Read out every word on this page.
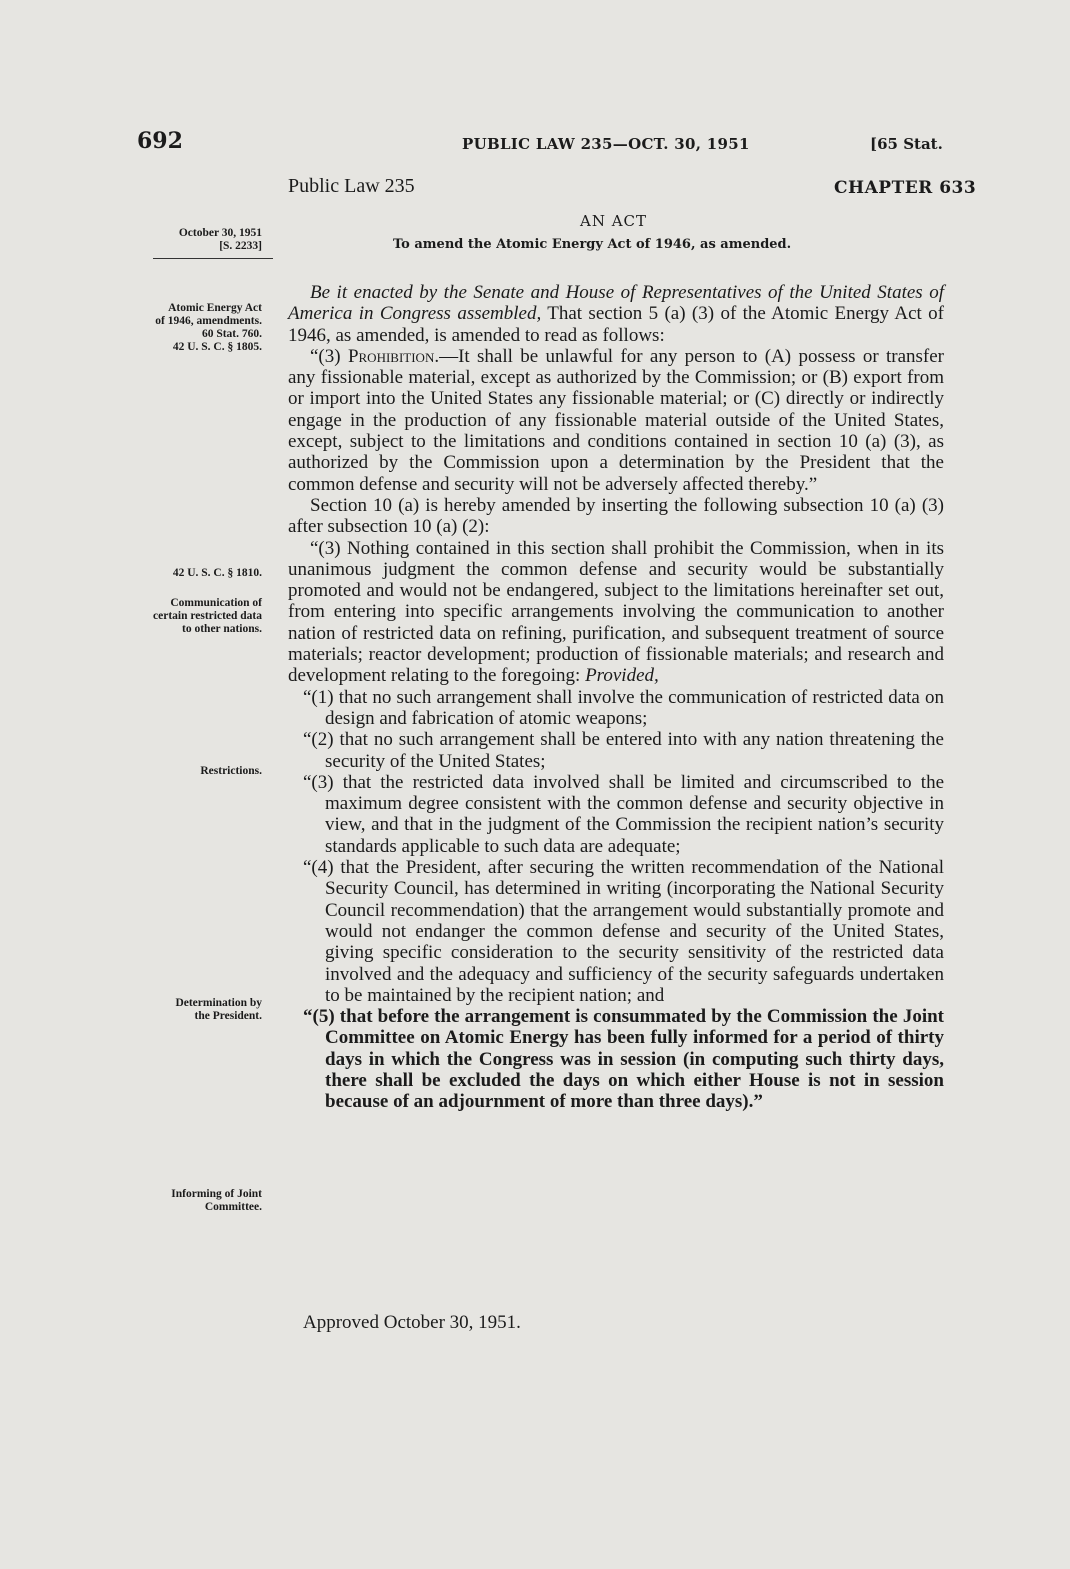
692	PUBLIC LAW 235—OCT. 30, 1951	[65 Stat.
Public Law 235	CHAPTER 633
AN ACT
To amend the Atomic Energy Act of 1946, as amended.
October 30, 1951
[S. 2233]
Atomic Energy Act
of 1946, amendments.
60 Stat. 760.
42 U. S. C. § 1805.
42 U. S. C. § 1810.
Communication of
certain restricted data
to other nations.
Restrictions.
Determination by
the President.
Informing of Joint
Committee.

Be it enacted by the Senate and House of Representatives of the United States of America in Congress assembled, That section 5 (a) (3) of the Atomic Energy Act of 1946, as amended, is amended to read as follows:

“(3) Prohibition.—It shall be unlawful for any person to (A) possess or transfer any fissionable material, except as authorized by the Commission; or (B) export from or import into the United States any fissionable material; or (C) directly or indirectly engage in the production of any fissionable material outside of the United States, except, subject to the limitations and conditions contained in section 10 (a) (3), as authorized by the Commission upon a determination by the President that the common defense and security will not be adversely affected thereby.”

Section 10 (a) is hereby amended by inserting the following subsection 10 (a) (3) after subsection 10 (a) (2):

“(3) Nothing contained in this section shall prohibit the Commission, when in its unanimous judgment the common defense and security would be substantially promoted and would not be endangered, subject to the limitations hereinafter set out, from entering into specific arrangements involving the communication to another nation of restricted data on refining, purification, and subsequent treatment of source materials; reactor development; production of fissionable materials; and research and development relating to the foregoing: Provided,

“(1) that no such arrangement shall involve the communication of restricted data on design and fabrication of atomic weapons;

“(2) that no such arrangement shall be entered into with any nation threatening the security of the United States;

“(3) that the restricted data involved shall be limited and circumscribed to the maximum degree consistent with the common defense and security objective in view, and that in the judgment of the Commission the recipient nation’s security standards applicable to such data are adequate;

“(4) that the President, after securing the written recommendation of the National Security Council, has determined in writing (incorporating the National Security Council recommendation) that the arrangement would substantially promote and would not endanger the common defense and security of the United States, giving specific consideration to the security sensitivity of the restricted data involved and the adequacy and sufficiency of the security safeguards undertaken to be maintained by the recipient nation; and

“(5) that before the arrangement is consummated by the Commission the Joint Committee on Atomic Energy has been fully informed for a period of thirty days in which the Congress was in session (in computing such thirty days, there shall be excluded the days on which either House is not in session because of an adjournment of more than three days).”

Approved October 30, 1951.
